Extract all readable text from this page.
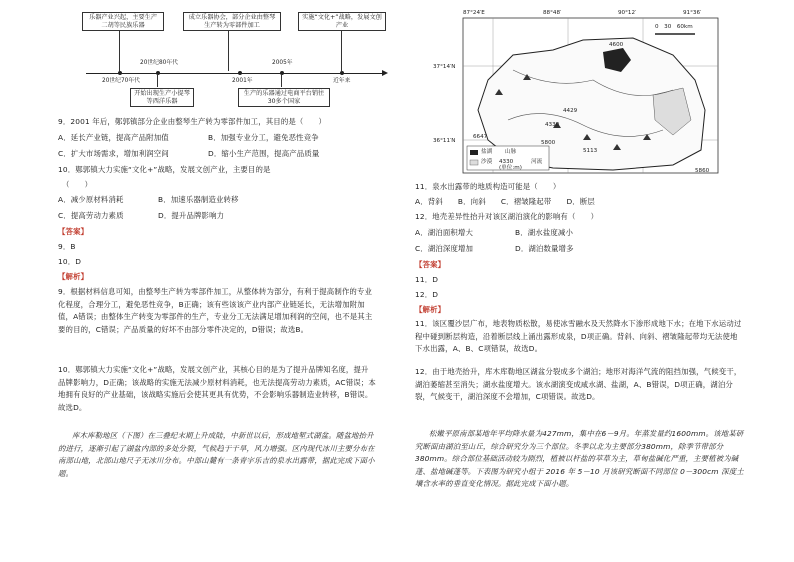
乐器产业兴起，主要生产二胡等民族乐器
成立乐器协会，部分企业由整琴生产转为零部件加工
实施“文化+”战略，发展文创产业
20世纪80年代	2005年
20世纪70年代	2001年	近年来
开始出现生产小提琴等西洋乐器
生产的乐器通过电商平台销往30多个国家
9．2001 年后，鄚郭镇部分企业由整琴生产转为零部件加工，其目的是（　　）
A．延长产业链，提高产品附加值	B．加强专业分工，避免恶性竞争
C．扩大市场需求，增加利润空间	D．缩小生产范围，提高产品质量
10．鄚郭镇大力实施“文化+”战略，发展文创产业，主要目的是
（　　）
A．减少原材料消耗	B．加速乐器制造业转移
C．提高劳动力素质	D．提升品牌影响力
【答案】
9．B
10．D
【解析】
9．根据材料信息可知，由整琴生产转为零部件加工，从整体转为部分，有利于提高制作的专业化程度，合理分工，避免恶性竞争，B正确；该有些该该产业内部产业链延长，无法增加附加值，A错误；由整体生产转变为零部件的生产，专业分工无法满足增加利润的空间，也不是其主要的目的，C错误；产品质量的好坏不由部分零件决定的，D错误；故选B。
10．鄚郭镇大力实施“文化+”战略，发展文创产业，其核心目的是为了提升品牌知名度，提升品牌影响力，D正确；该战略的实施无法减少原材料消耗，也无法提高劳动力素质，AC错误；本地拥有良好的产业基础，该战略实施后会使其更具有优势，不会影响乐器制造业转移，B错误。故选D。
库木库勒地区（下图）在三叠纪末期上升成陆，中新世以后，形成地堑式湖盆。随盆地抬升的进行，逐渐引起了湖盆内部的多处分裂，气候趋于干旱，风力增强。区内现代冰川主要分布在南部山地，北部山地尺子无冰川分布。中部山麓有一条青字乐吉的泉水出露带，据此完成下面小题。
87°24′E	88°48′	90°12′	91°36′
37°14′N
36°11′N
0　30　60km
盐湖 山脉
沙漠 4330
(单位:m)
河流
4600
4429
4330
5113
5800
6647
5860
11．泉水出露带的地质构造可能是（　　）
A．背斜　　B．向斜　　C．褶皱隆起带　　D．断层
12．地壳差异性抬升对该区湖泊演化的影响有（　　）
A．湖泊面积增大	B．湖水盐度减小
C．湖泊深度增加	D．湖泊数量增多
【答案】
11．D
12．D
【解析】
11．该区覆沙层广布，地表物质松散，易使冰雪融水及天然降水下渗形成地下水；在地下水运动过程中碰到断层构造，沿着断层线上涌出露形成泉，D项正确。背斜、向斜、褶皱隆起带均无法使地下水出露，A、B、C项错误，故选D。
12．由于地壳抬升，库木库勒地区湖盆分裂成多个湖泊；地形对海洋气流的阻挡加强，气候变干，湖泊萎缩甚至消失；湖水盐度增大。该水湖演变成咸水湖、盐湖，A、B错误，D项正确，湖泊分裂，气候变干，湖泊深度不会增加，C项错误。故选D。
松嫩平原南部某地年平均降水量为427mm，集中在6－9月。年蒸发量约1600mm。该地某研究断面由湖泊至山丘，综合研究分为三个部位。冬季以北为主要部分380mm，除季节带部分380mm。综合部位基础活动较为剧烈，植被以杆盐的萃草为主，草甸盐碱化严重，主要植被为碱蓬、盐地碱蓬等。下表图为研究小组于 2016 年 5－10 月该研究断面不同部位 0－300cm 深度土壤含水率的垂直变化情况。据此完成下面小题。
